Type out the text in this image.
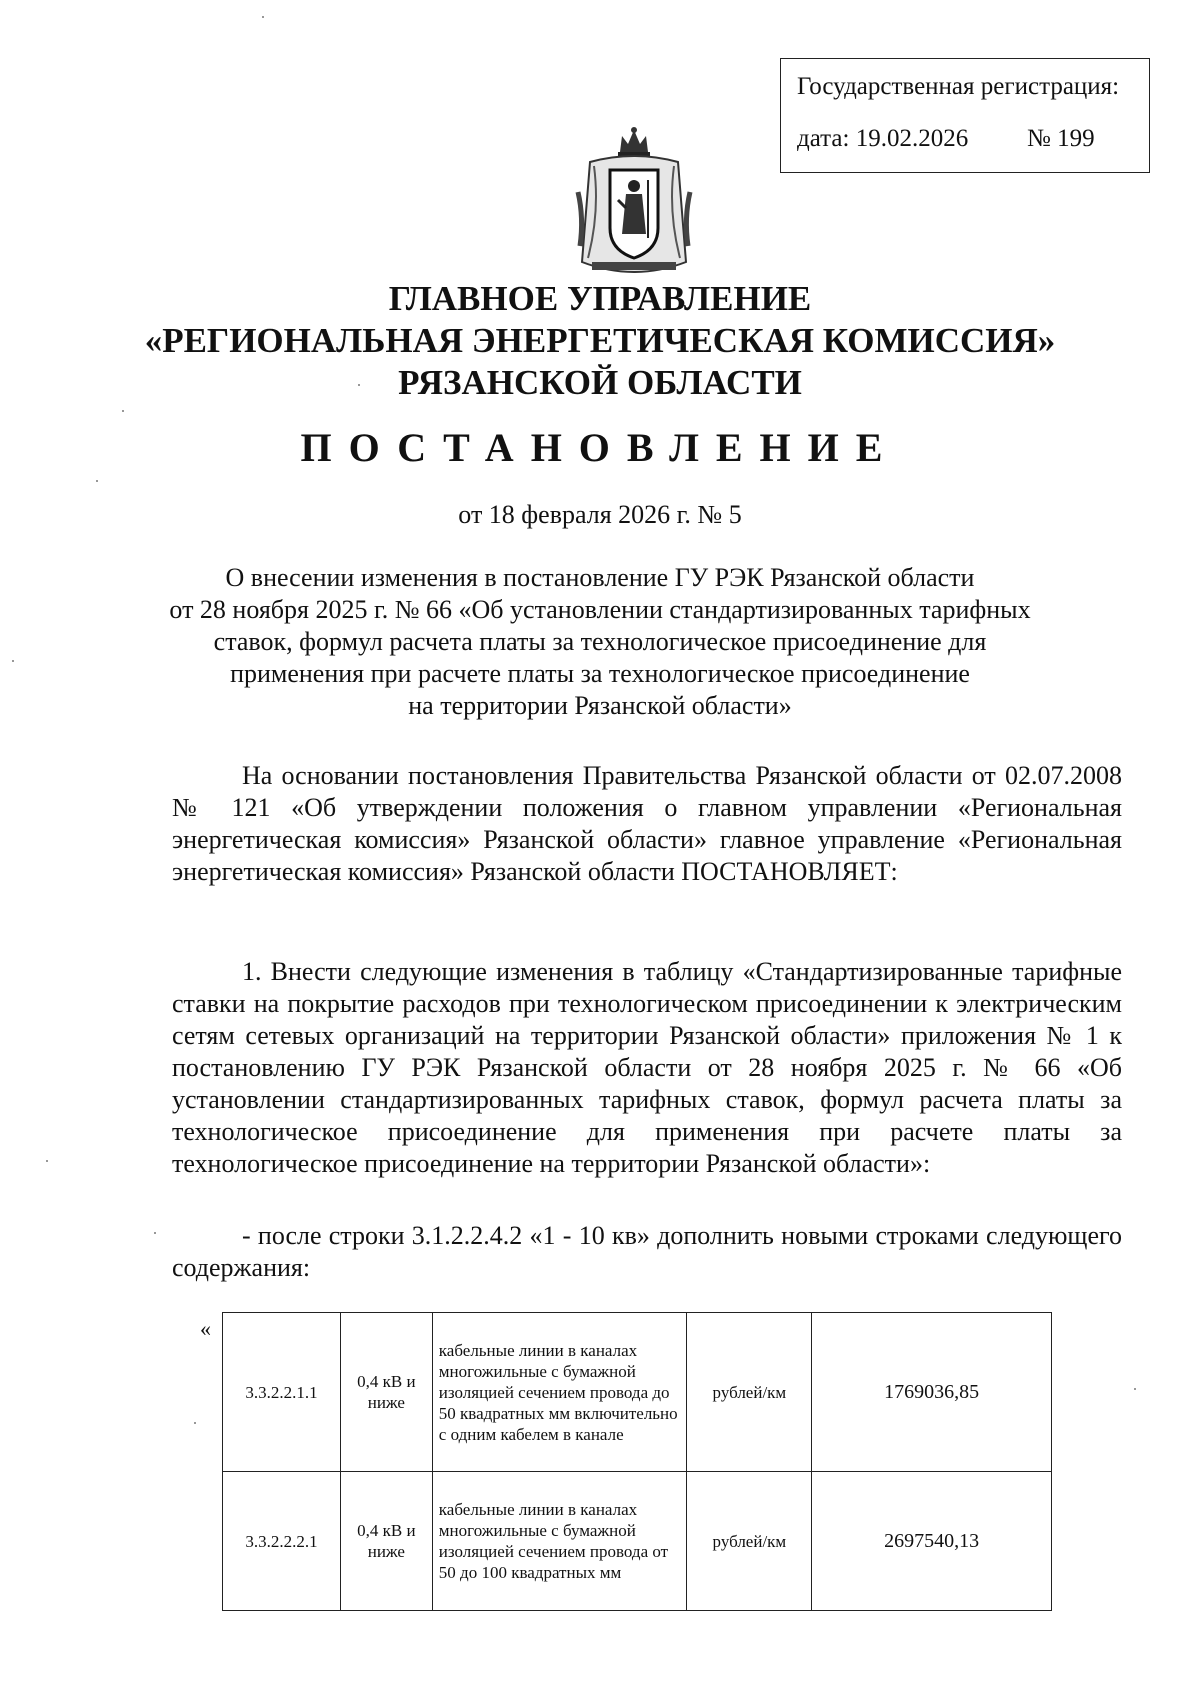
Государственная регистрация:
дата: 19.02.2026 № 199
ГЛАВНОЕ УПРАВЛЕНИЕ
«РЕГИОНАЛЬНАЯ ЭНЕРГЕТИЧЕСКАЯ КОМИССИЯ»
РЯЗАНСКОЙ ОБЛАСТИ
ПОСТАНОВЛЕНИЕ
от 18 февраля 2026 г. № 5
О внесении изменения в постановление ГУ РЭК Рязанской области
от 28 ноября 2025 г. № 66 «Об установлении стандартизированных тарифных
ставок, формул расчета платы за технологическое присоединение для
применения при расчете платы за технологическое присоединение
на территории Рязанской области»
На основании постановления Правительства Рязанской области от 02.07.2008 № 121 «Об утверждении положения о главном управлении «Региональная энергетическая комиссия» Рязанской области» главное управление «Региональная энергетическая комиссия» Рязанской области ПОСТАНОВЛЯЕТ:
1. Внести следующие изменения в таблицу «Стандартизированные тарифные ставки на покрытие расходов при технологическом присоединении к электрическим сетям сетевых организаций на территории Рязанской области» приложения № 1 к постановлению ГУ РЭК Рязанской области от 28 ноября 2025 г. № 66 «Об установлении стандартизированных тарифных ставок, формул расчета платы за технологическое присоединение для применения при расчете платы за технологическое присоединение на территории Рязанской области»:
- после строки 3.1.2.2.4.2 «1 - 10 кв» дополнить новыми строками следующего содержания:
«
3.3.2.2.1.1	0,4 кВ и ниже	кабельные линии в каналах многожильные с бумажной изоляцией сечением провода до 50 квадратных мм включительно с одним кабелем в канале	рублей/км	1769036,85
3.3.2.2.2.1	0,4 кВ и ниже	кабельные линии в каналах многожильные с бумажной изоляцией сечением провода от 50 до 100 квадратных мм	рублей/км	2697540,13
